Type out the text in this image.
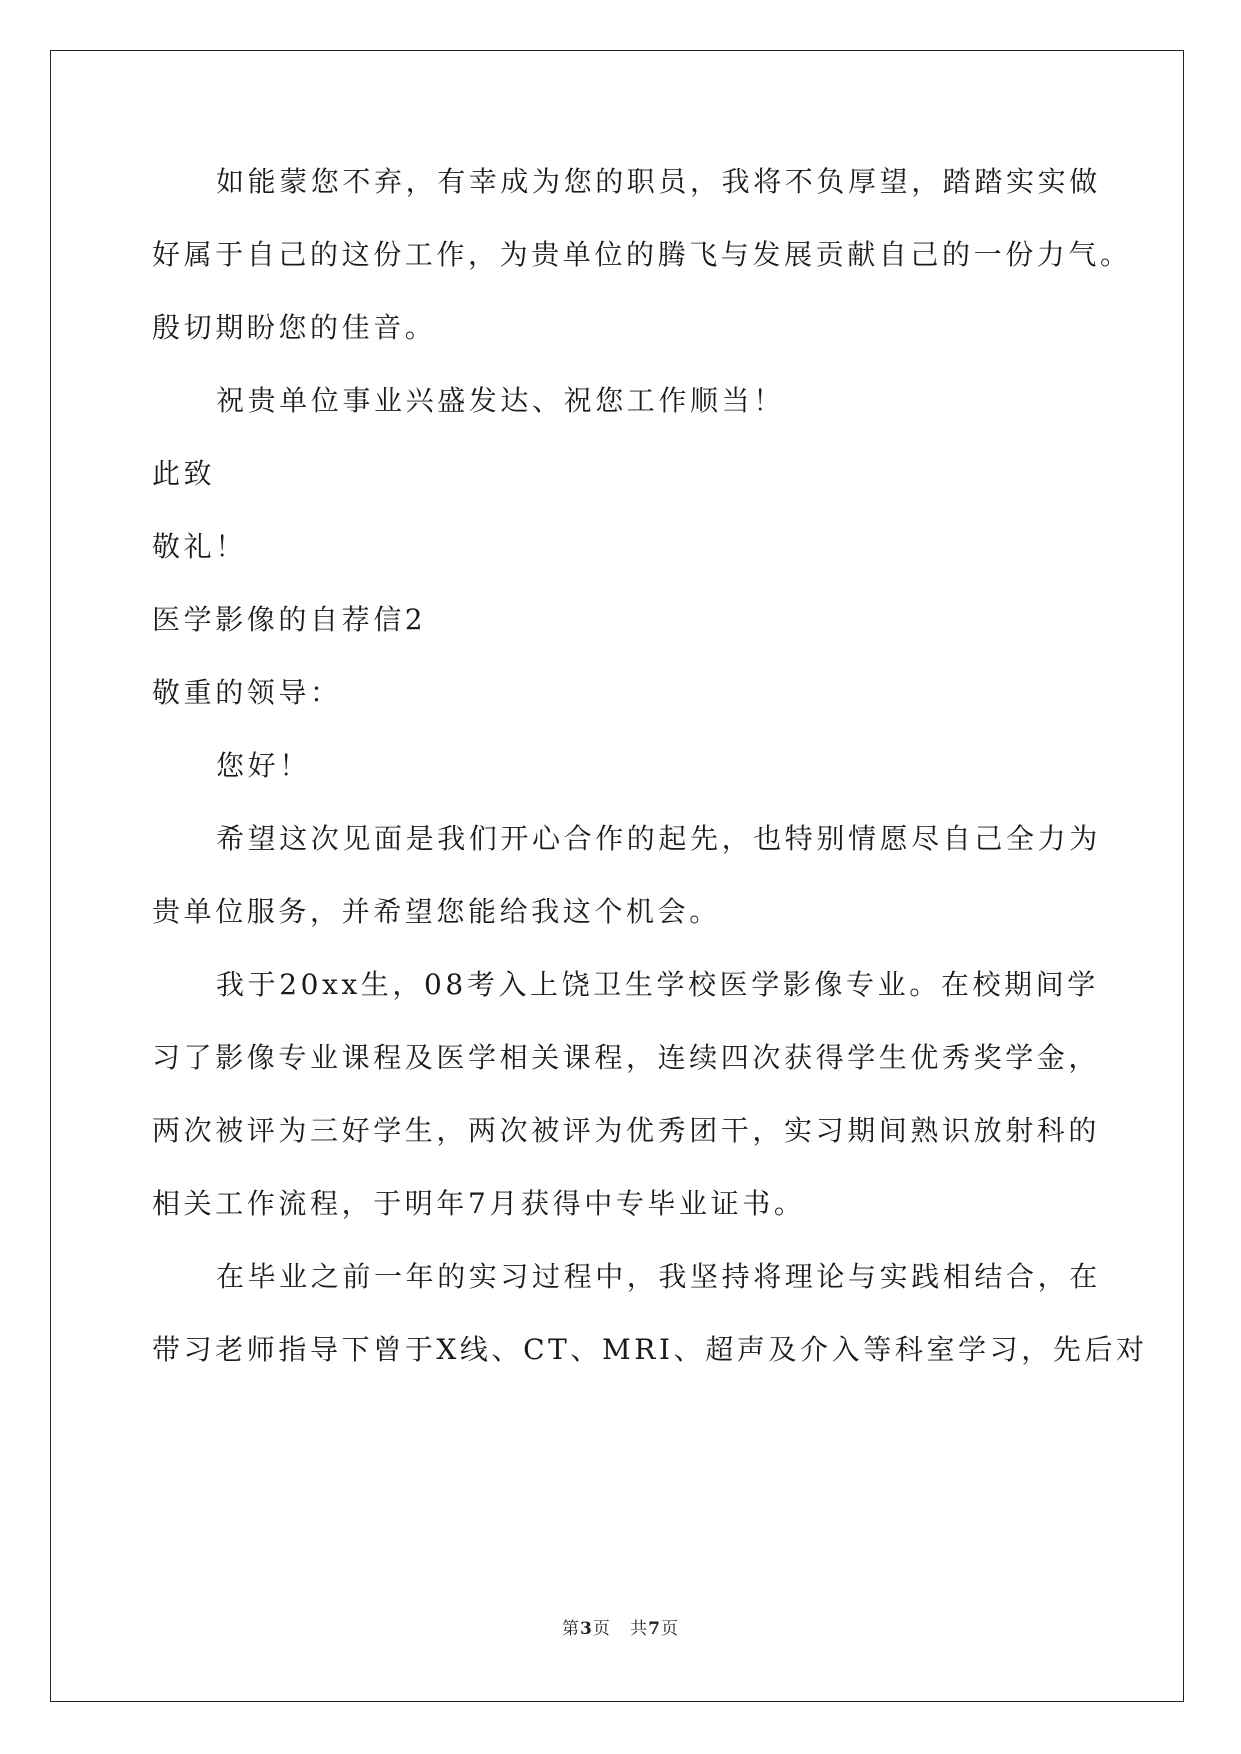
如能蒙您不弃，有幸成为您的职员，我将不负厚望，踏踏实实做
好属于自己的这份工作，为贵单位的腾飞与发展贡献自己的一份力气。
殷切期盼您的佳音。
祝贵单位事业兴盛发达、祝您工作顺当！
此致
敬礼！
医学影像的自荐信2
敬重的领导：
您好！
希望这次见面是我们开心合作的起先，也特别情愿尽自己全力为
贵单位服务，并希望您能给我这个机会。
我于20xx生，08考入上饶卫生学校医学影像专业。在校期间学
习了影像专业课程及医学相关课程，连续四次获得学生优秀奖学金，
两次被评为三好学生，两次被评为优秀团干，实习期间熟识放射科的
相关工作流程，于明年7月获得中专毕业证书。
在毕业之前一年的实习过程中，我坚持将理论与实践相结合，在
带习老师指导下曾于X线、CT、MRI、超声及介入等科室学习，先后对
第3页 共7页
